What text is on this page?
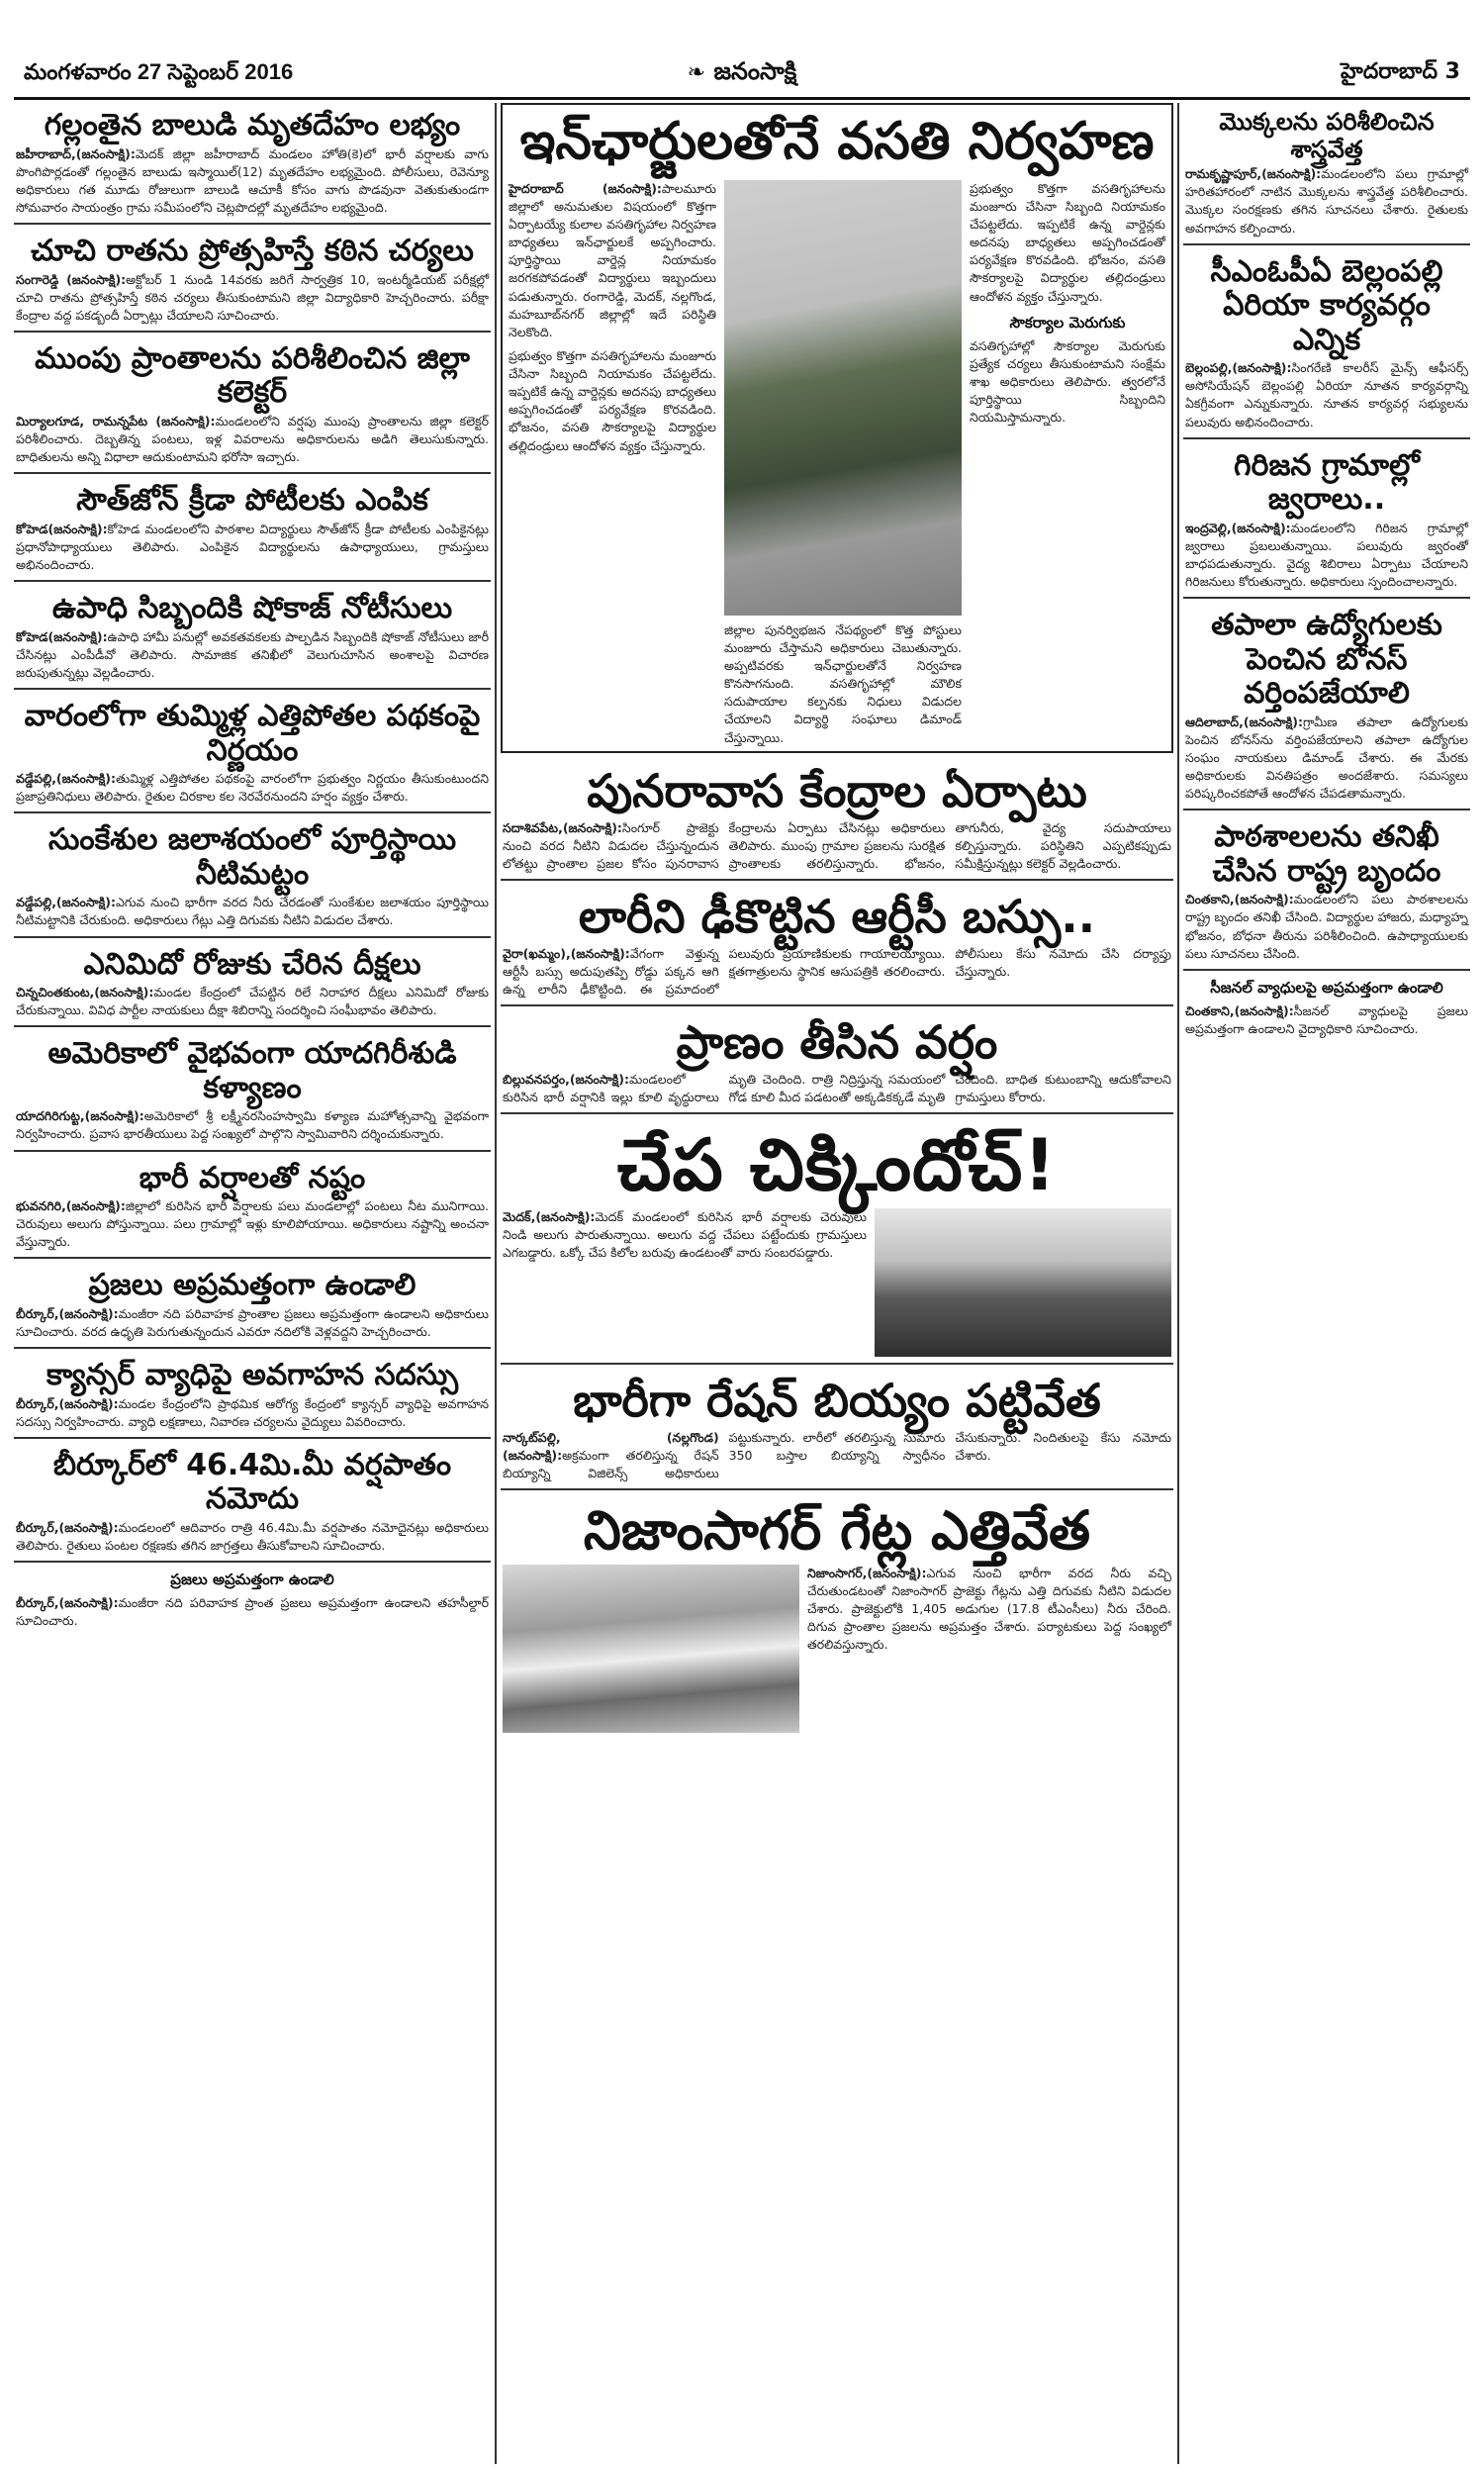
మంగళవారం 27 సెప్టెంబర్ 2016	❧ జనంసాక్షి	హైదరాబాద్ 3
గల్లంతైన బాలుడి మృతదేహం లభ్యం
జహీరాబాద్,(జనంసాక్షి):మెదక్ జిల్లా జహీరాబాద్ మండలం హోతి(కె)లో భారీ వర్షాలకు వాగు పొంగిపొర్లడంతో గల్లంతైన బాలుడు ఇస్మాయిల్(12) మృతదేహం లభ్యమైంది. పోలీసులు, రెవెన్యూ అధికారులు గత మూడు రోజులుగా బాలుడి ఆచూకీ కోసం వాగు పొడవునా వెతుకుతుండగా సోమవారం సాయంత్రం గ్రామ సమీపంలోని చెట్లపొదల్లో మృతదేహం లభ్యమైంది.
చూచి రాతను ప్రోత్సహిస్తే కఠిన చర్యలు
సంగారెడ్డి (జనంసాక్షి):అక్టోబర్ 1 నుండి 14వరకు జరిగే సార్వత్రిక 10, ఇంటర్మీడియట్ పరీక్షల్లో చూచి రాతను ప్రోత్సహిస్తే కఠిన చర్యలు తీసుకుంటామని జిల్లా విద్యాధికారి హెచ్చరించారు. పరీక్షా కేంద్రాల వద్ద పకడ్బందీ ఏర్పాట్లు చేయాలని సూచించారు.
ముంపు ప్రాంతాలను పరిశీలించిన జిల్లా కలెక్టర్
మిర్యాలగూడ, రామన్నపేట (జనంసాక్షి):మండలంలోని వర్షపు ముంపు ప్రాంతాలను జిల్లా కలెక్టర్ పరిశీలించారు. దెబ్బతిన్న పంటలు, ఇళ్ల వివరాలను అధికారులను అడిగి తెలుసుకున్నారు. బాధితులను అన్ని విధాలా ఆదుకుంటామని భరోసా ఇచ్చారు.
సౌత్‌జోన్ క్రీడా పోటీలకు ఎంపిక
కోహెడ(జనంసాక్షి):కోహెడ మండలంలోని పాఠశాల విద్యార్థులు సౌత్‌జోన్ క్రీడా పోటీలకు ఎంపికైనట్లు ప్రధానోపాధ్యాయులు తెలిపారు. ఎంపికైన విద్యార్థులను ఉపాధ్యాయులు, గ్రామస్తులు అభినందించారు.
ఉపాధి సిబ్బందికి షోకాజ్ నోటీసులు
కోహెడ(జనంసాక్షి):ఉపాధి హామీ పనుల్లో అవకతవకలకు పాల్పడిన సిబ్బందికి షోకాజ్ నోటీసులు జారీ చేసినట్లు ఎంపీడీవో తెలిపారు. సామాజిక తనిఖీలో వెలుగుచూసిన అంశాలపై విచారణ జరుపుతున్నట్లు వెల్లడించారు.
వారంలోగా తుమ్మిళ్ల ఎత్తిపోతల పథకంపై నిర్ణయం
వడ్డేపల్లి,(జనంసాక్షి):తుమ్మిళ్ల ఎత్తిపోతల పథకంపై వారంలోగా ప్రభుత్వం నిర్ణయం తీసుకుంటుందని ప్రజాప్రతినిధులు తెలిపారు. రైతుల చిరకాల కల నెరవేరనుందని హర్షం వ్యక్తం చేశారు.
సుంకేశుల జలాశయంలో పూర్తిస్థాయి నీటిమట్టం
వడ్డేపల్లి,(జనంసాక్షి):ఎగువ నుంచి భారీగా వరద నీరు చేరడంతో సుంకేశుల జలాశయం పూర్తిస్థాయి నీటిమట్టానికి చేరుకుంది. అధికారులు గేట్లు ఎత్తి దిగువకు నీటిని విడుదల చేశారు.
ఎనిమిదో రోజుకు చేరిన దీక్షలు
చిన్నచింతకుంట,(జనంసాక్షి):మండల కేంద్రంలో చేపట్టిన రిలే నిరాహార దీక్షలు ఎనిమిదో రోజుకు చేరుకున్నాయి. వివిధ పార్టీల నాయకులు దీక్షా శిబిరాన్ని సందర్శించి సంఘీభావం తెలిపారు.
అమెరికాలో వైభవంగా యాదగిరీశుడి కళ్యాణం
యాదగిరిగుట్ట,(జనంసాక్షి):అమెరికాలో శ్రీ లక్ష్మీనరసింహస్వామి కళ్యాణ మహోత్సవాన్ని వైభవంగా నిర్వహించారు. ప్రవాస భారతీయులు పెద్ద సంఖ్యలో పాల్గొని స్వామివారిని దర్శించుకున్నారు.
భారీ వర్షాలతో నష్టం
భువనగిరి,(జనంసాక్షి):జిల్లాలో కురిసిన భారీ వర్షాలకు పలు మండలాల్లో పంటలు నీట మునిగాయి. చెరువులు అలుగు పోస్తున్నాయి. పలు గ్రామాల్లో ఇళ్లు కూలిపోయాయి. అధికారులు నష్టాన్ని అంచనా వేస్తున్నారు.
ప్రజలు అప్రమత్తంగా ఉండాలి
బీర్కూర్,(జనంసాక్షి):మంజీరా నది పరివాహక ప్రాంతాల ప్రజలు అప్రమత్తంగా ఉండాలని అధికారులు సూచించారు. వరద ఉధృతి పెరుగుతున్నందున ఎవరూ నదిలోకి వెళ్లవద్దని హెచ్చరించారు.
క్యాన్సర్ వ్యాధిపై అవగాహన సదస్సు
బీర్కూర్,(జనంసాక్షి):మండల కేంద్రంలోని ప్రాథమిక ఆరోగ్య కేంద్రంలో క్యాన్సర్ వ్యాధిపై అవగాహన సదస్సు నిర్వహించారు. వ్యాధి లక్షణాలు, నివారణ చర్యలను వైద్యులు వివరించారు.
బీర్కూర్‌లో 46.4మి.మీ వర్షపాతం నమోదు
బీర్కూర్,(జనంసాక్షి):మండలంలో ఆదివారం రాత్రి 46.4మి.మీ వర్షపాతం నమోదైనట్లు అధికారులు తెలిపారు. రైతులు పంటల రక్షణకు తగిన జాగ్రత్తలు తీసుకోవాలని సూచించారు.
ప్రజలు అప్రమత్తంగా ఉండాలి
బీర్కూర్,(జనంసాక్షి):మంజీరా నది పరివాహక ప్రాంత ప్రజలు అప్రమత్తంగా ఉండాలని తహసీల్దార్ సూచించారు.
ఇన్‌ఛార్జులతోనే వసతి నిర్వహణ
హైదరాబాద్ (జనంసాక్షి):పాలమూరు జిల్లాలో అనుమతుల విషయంలో కొత్తగా ఏర్పాటయ్యే కులాల వసతిగృహాల నిర్వహణ బాధ్యతలు ఇన్‌ఛార్జులకే అప్పగించారు. పూర్తిస్థాయి వార్డెన్ల నియామకం జరగకపోవడంతో విద్యార్థులు ఇబ్బందులు పడుతున్నారు. రంగారెడ్డి, మెదక్, నల్లగొండ, మహబూబ్‌నగర్ జిల్లాల్లో ఇదే పరిస్థితి నెలకొంది.
ప్రభుత్వం కొత్తగా వసతిగృహాలను మంజూరు చేసినా సిబ్బంది నియామకం చేపట్టలేదు. ఇప్పటికే ఉన్న వార్డెన్లకు అదనపు బాధ్యతలు అప్పగించడంతో పర్యవేక్షణ కొరవడింది. భోజనం, వసతి సౌకర్యాలపై విద్యార్థుల తల్లిదండ్రులు ఆందోళన వ్యక్తం చేస్తున్నారు.
జిల్లాల పునర్విభజన నేపథ్యంలో కొత్త పోస్టులు మంజూరు చేస్తామని అధికారులు చెబుతున్నారు. అప్పటివరకు ఇన్‌ఛార్జులతోనే నిర్వహణ కొనసాగనుంది. వసతిగృహాల్లో మౌలిక సదుపాయాల కల్పనకు నిధులు విడుదల చేయాలని విద్యార్థి సంఘాలు డిమాండ్ చేస్తున్నాయి.
ప్రభుత్వం కొత్తగా వసతిగృహాలను మంజూరు చేసినా సిబ్బంది నియామకం చేపట్టలేదు. ఇప్పటికే ఉన్న వార్డెన్లకు అదనపు బాధ్యతలు అప్పగించడంతో పర్యవేక్షణ కొరవడింది. భోజనం, వసతి సౌకర్యాలపై విద్యార్థుల తల్లిదండ్రులు ఆందోళన వ్యక్తం చేస్తున్నారు.
సౌకర్యాల మెరుగుకు
వసతిగృహాల్లో సౌకర్యాల మెరుగుకు ప్రత్యేక చర్యలు తీసుకుంటామని సంక్షేమ శాఖ అధికారులు తెలిపారు. త్వరలోనే పూర్తిస్థాయి సిబ్బందిని నియమిస్తామన్నారు.
పునరావాస కేంద్రాల ఏర్పాటు
సదాశివపేట,(జనంసాక్షి):సింగూర్ ప్రాజెక్టు నుంచి వరద నీటిని విడుదల చేస్తున్నందున లోతట్టు ప్రాంతాల ప్రజల కోసం పునరావాస కేంద్రాలను ఏర్పాటు చేసినట్లు అధికారులు తెలిపారు. ముంపు గ్రామాల ప్రజలను సురక్షిత ప్రాంతాలకు తరలిస్తున్నారు. భోజనం, తాగునీరు, వైద్య సదుపాయాలు కల్పిస్తున్నారు. పరిస్థితిని ఎప్పటికప్పుడు సమీక్షిస్తున్నట్లు కలెక్టర్ వెల్లడించారు.
లారీని ఢీకొట్టిన ఆర్టీసీ బస్సు..
వైరా(ఖమ్మం),(జనంసాక్షి):వేగంగా వెళ్తున్న ఆర్టీసీ బస్సు అదుపుతప్పి రోడ్డు పక్కన ఆగి ఉన్న లారీని ఢీకొట్టింది. ఈ ప్రమాదంలో పలువురు ప్రయాణికులకు గాయాలయ్యాయి. క్షతగాత్రులను స్థానిక ఆసుపత్రికి తరలించారు. పోలీసులు కేసు నమోదు చేసి దర్యాప్తు చేస్తున్నారు.
ప్రాణం తీసిన వర్షం
బిల్లువనపర్తం,(జనంసాక్షి):మండలంలో కురిసిన భారీ వర్షానికి ఇల్లు కూలి వృద్ధురాలు మృతి చెందింది. రాత్రి నిద్రిస్తున్న సమయంలో గోడ కూలి మీద పడటంతో అక్కడికక్కడే మృతి చెందింది. బాధిత కుటుంబాన్ని ఆదుకోవాలని గ్రామస్తులు కోరారు.
చేప చిక్కిందోచ్!
మెదక్,(జనంసాక్షి):మెదక్ మండలంలో కురిసిన భారీ వర్షాలకు చెరువులు నిండి అలుగు పారుతున్నాయి. అలుగు వద్ద చేపలు పట్టేందుకు గ్రామస్తులు ఎగబడ్డారు. ఒక్కో చేప కిలోల బరువు ఉండటంతో వారు సంబరపడ్డారు.
భారీగా రేషన్ బియ్యం పట్టివేత
నార్కట్‌పల్లి, (నల్లగొండ) (జనంసాక్షి):అక్రమంగా తరలిస్తున్న రేషన్ బియ్యాన్ని విజిలెన్స్ అధికారులు పట్టుకున్నారు. లారీలో తరలిస్తున్న సుమారు 350 బస్తాల బియ్యాన్ని స్వాధీనం చేసుకున్నారు. నిందితులపై కేసు నమోదు చేశారు.
నిజాంసాగర్ గేట్ల ఎత్తివేత
నిజాంసాగర్,(జనంసాక్షి):ఎగువ నుంచి భారీగా వరద నీరు వచ్చి చేరుతుండటంతో నిజాంసాగర్ ప్రాజెక్టు గేట్లను ఎత్తి దిగువకు నీటిని విడుదల చేశారు. ప్రాజెక్టులోకి 1,405 అడుగుల (17.8 టీఎంసీలు) నీరు చేరింది. దిగువ ప్రాంతాల ప్రజలను అప్రమత్తం చేశారు. పర్యాటకులు పెద్ద సంఖ్యలో తరలివస్తున్నారు.
మొక్కలను పరిశీలించిన శాస్త్రవేత్త
రామకృష్ణాపూర్,(జనంసాక్షి):మండలంలోని పలు గ్రామాల్లో హరితహారంలో నాటిన మొక్కలను శాస్త్రవేత్త పరిశీలించారు. మొక్కల సంరక్షణకు తగిన సూచనలు చేశారు. రైతులకు అవగాహన కల్పించారు.
సీఎంఓపీఏ బెల్లంపల్లి ఏరియా కార్యవర్గం ఎన్నిక
బెల్లంపల్లి,(జనంసాక్షి):సింగరేణి కాలరీస్ మైన్స్ ఆఫీసర్స్ అసోసియేషన్ బెల్లంపల్లి ఏరియా నూతన కార్యవర్గాన్ని ఏకగ్రీవంగా ఎన్నుకున్నారు. నూతన కార్యవర్గ సభ్యులను పలువురు అభినందించారు.
గిరిజన గ్రామాల్లో జ్వరాలు..
ఇంద్రవెల్లి,(జనంసాక్షి):మండలంలోని గిరిజన గ్రామాల్లో జ్వరాలు ప్రబలుతున్నాయి. పలువురు జ్వరంతో బాధపడుతున్నారు. వైద్య శిబిరాలు ఏర్పాటు చేయాలని గిరిజనులు కోరుతున్నారు. అధికారులు స్పందించాలన్నారు.
తపాలా ఉద్యోగులకు పెంచిన బోనస్ వర్తింపజేయాలి
ఆదిలాబాద్,(జనంసాక్షి):గ్రామీణ తపాలా ఉద్యోగులకు పెంచిన బోనస్‌ను వర్తింపజేయాలని తపాలా ఉద్యోగుల సంఘం నాయకులు డిమాండ్ చేశారు. ఈ మేరకు అధికారులకు వినతిపత్రం అందజేశారు. సమస్యలు పరిష్కరించకపోతే ఆందోళన చేపడతామన్నారు.
పాఠశాలలను తనిఖీ చేసిన రాష్ట్ర బృందం
చింతకాని,(జనంసాక్షి):మండలంలోని పలు పాఠశాలలను రాష్ట్ర బృందం తనిఖీ చేసింది. విద్యార్థుల హాజరు, మధ్యాహ్న భోజనం, బోధనా తీరును పరిశీలించింది. ఉపాధ్యాయులకు పలు సూచనలు చేసింది.
సీజనల్ వ్యాధులపై అప్రమత్తంగా ఉండాలి
చింతకాని,(జనంసాక్షి):సీజనల్ వ్యాధులపై ప్రజలు అప్రమత్తంగా ఉండాలని వైద్యాధికారి సూచించారు.
